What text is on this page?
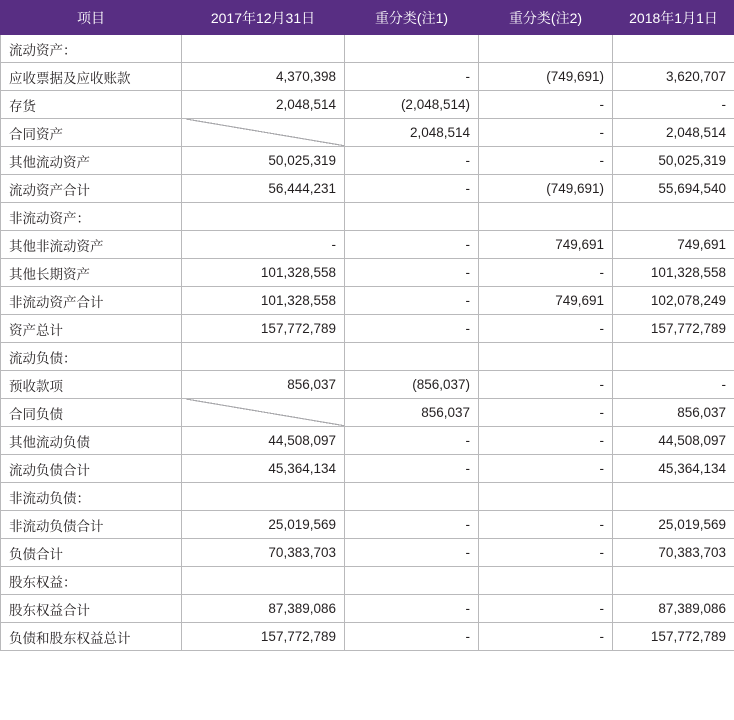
项目	2017年12月31日	重分类(注1)	重分类(注2)	2018年1月1日
流动资产：				
应收票据及应收账款	4,370,398	-	(749,691)	3,620,707
存货	2,048,514	(2,048,514)	-	-
合同资产		2,048,514	-	2,048,514
其他流动资产	50,025,319	-	-	50,025,319
流动资产合计	56,444,231	-	(749,691)	55,694,540
非流动资产：				
其他非流动资产	-	-	749,691	749,691
其他长期资产	101,328,558	-	-	101,328,558
非流动资产合计	101,328,558	-	749,691	102,078,249
资产总计	157,772,789	-	-	157,772,789
流动负债：				
预收款项	856,037	(856,037)	-	-
合同负债		856,037	-	856,037
其他流动负债	44,508,097	-	-	44,508,097
流动负债合计	45,364,134	-	-	45,364,134
非流动负债：				
非流动负债合计	25,019,569	-	-	25,019,569
负债合计	70,383,703	-	-	70,383,703
股东权益：				
股东权益合计	87,389,086	-	-	87,389,086
负债和股东权益总计	157,772,789	-	-	157,772,789
